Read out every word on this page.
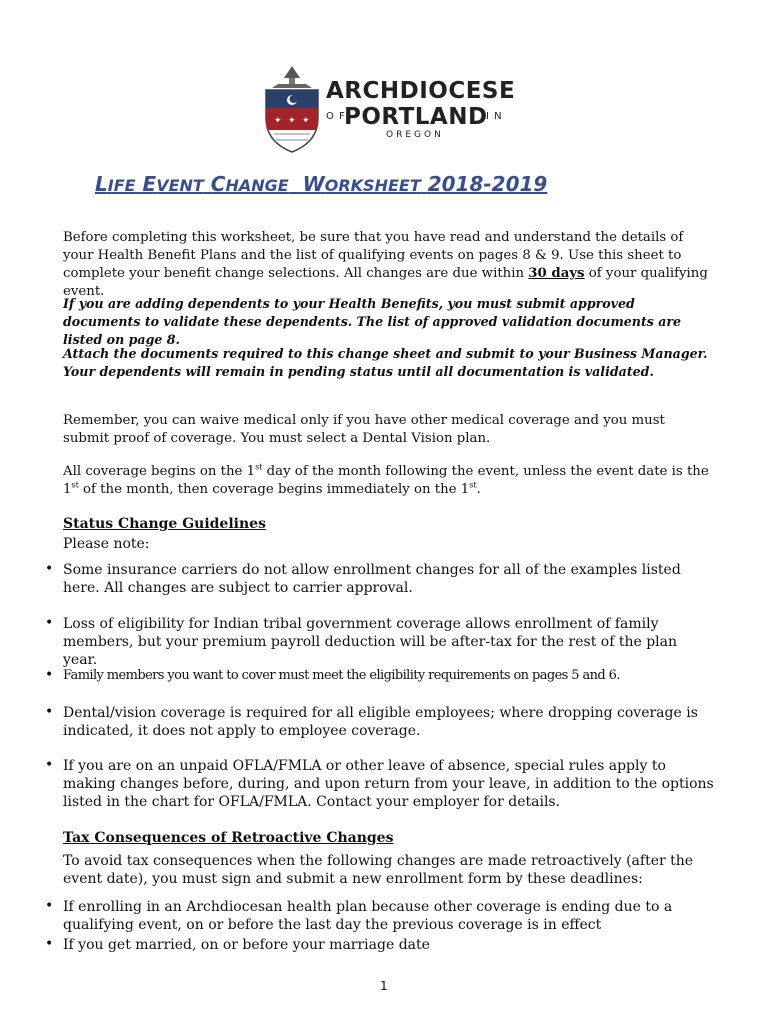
✦ ✦ ✦
ARCHDIOCESE
O F
PORTLAND
I N
OREGON
LIFE EVENT CHANGE WORKSHEET 2018-2019
Before completing this worksheet, be sure that you have read and understand the details of your Health Benefit Plans and the list of qualifying events on pages 8 & 9. Use this sheet to complete your benefit change selections. All changes are due within 30 days of your qualifying event.
If you are adding dependents to your Health Benefits, you must submit approved documents to validate these dependents. The list of approved validation documents are listed on page 8.
Attach the documents required to this change sheet and submit to your Business Manager. Your dependents will remain in pending status until all documentation is validated.
Remember, you can waive medical only if you have other medical coverage and you must submit proof of coverage. You must select a Dental Vision plan.
All coverage begins on the 1st day of the month following the event, unless the event date is the 1st of the month, then coverage begins immediately on the 1st.
Status Change Guidelines
Please note:
• Some insurance carriers do not allow enrollment changes for all of the examples listed here. All changes are subject to carrier approval.
• Loss of eligibility for Indian tribal government coverage allows enrollment of family members, but your premium payroll deduction will be after-tax for the rest of the plan year.
• Family members you want to cover must meet the eligibility requirements on pages 5 and 6.
• Dental/vision coverage is required for all eligible employees; where dropping coverage is indicated, it does not apply to employee coverage.
• If you are on an unpaid OFLA/FMLA or other leave of absence, special rules apply to making changes before, during, and upon return from your leave, in addition to the options listed in the chart for OFLA/FMLA. Contact your employer for details.
Tax Consequences of Retroactive Changes
To avoid tax consequences when the following changes are made retroactively (after the event date), you must sign and submit a new enrollment form by these deadlines:
• If enrolling in an Archdiocesan health plan because other coverage is ending due to a qualifying event, on or before the last day the previous coverage is in effect
• If you get married, on or before your marriage date
1
